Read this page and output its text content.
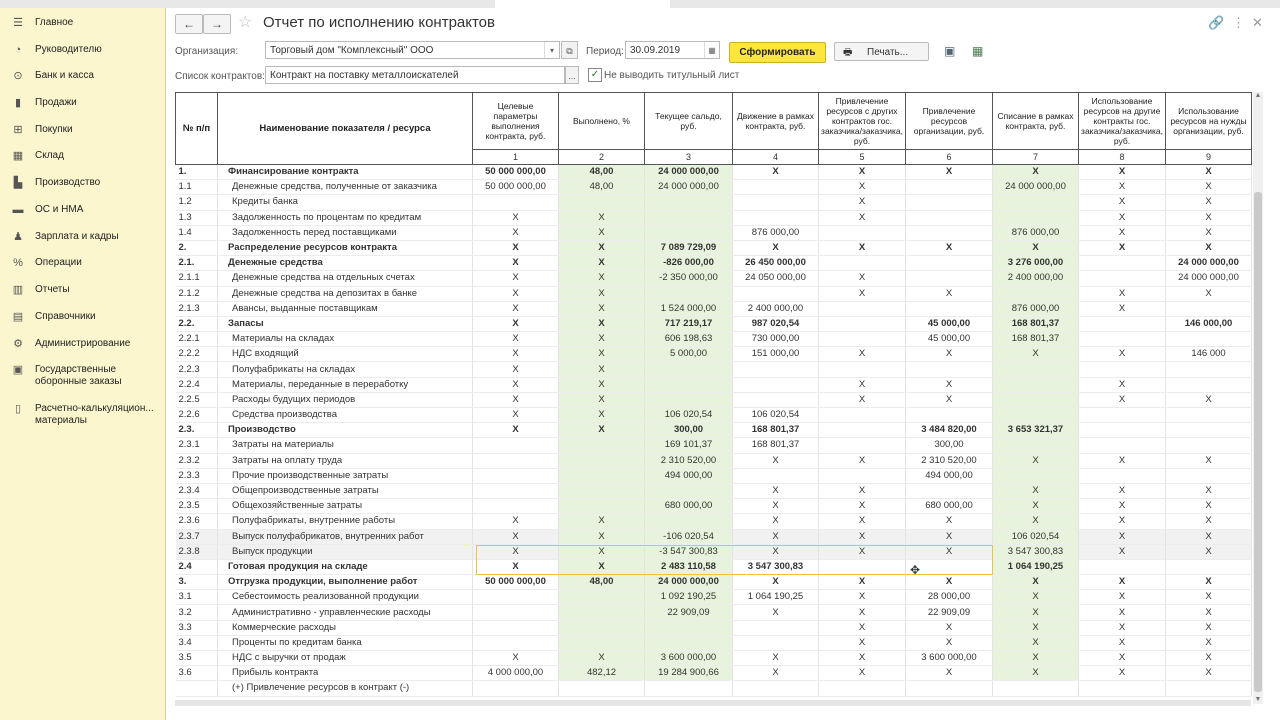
☰ Главное
◔	Руководителю
⊙ Банк и касса
▮	Продажи
⊞ Покупки
▦ Склад
▙ Производство
▬ ОС и НМА
♟ Зарплата и кадры
% Операции
▥ Отчеты
▤ Справочники
⚙ Администрирование
▣ Государственные оборонные заказы
▯	Расчетно-калькуляцион... материалы
←	→ ☆ Отчет по исполнению контрактов	🔗 ⋮ ✕
Организация:	Торговый дом "Комплексный" ООО	▾	⧉	Период: 30.09.2019	▦	Сформировать	🖶 Печать...	▣ ▦
Список контрактов: Контракт на поставку металлоискателей	...	✓ Не выводить титульный лист
№ п/п	Наименование показателя / ресурса	Целевые параметры выполнения контракта, руб.	Выполнено, %	Текущее сальдо, руб.	Движение в рамках контракта, руб.	Привлечение ресурсов с других контрактов гос. заказчика/заказчика, руб.	Привлечение ресурсов организации, руб.	Списание в рамках контракта, руб.	Использование ресурсов на другие контракты гос. заказчика/заказчика, руб.	Использование ресурсов на нужды организации, руб.
		1	2	3	4	5	6	7	8	9
1.	Финансирование контракта	50 000 000,00	48,00	24 000 000,00	X	X	X	X	X	X
1.1	Денежные средства, полученные от заказчика	50 000 000,00	48,00	24 000 000,00		X		24 000 000,00	X	X
1.2	Кредиты банка					X			X	X
1.3	Задолженность по процентам по кредитам	X	X			X			X	X
1.4	Задолженность перед поставщиками	X	X		876 000,00			876 000,00	X	X
2.	Распределение ресурсов контракта	X	X	7 089 729,09	X	X	X	X	X	X
2.1.	Денежные средства	X	X	-826 000,00	26 450 000,00			3 276 000,00		24 000 000,00
2.1.1	Денежные средства на отдельных счетах	X	X	-2 350 000,00	24 050 000,00	X		2 400 000,00		24 000 000,00
2.1.2	Денежные средства на депозитах в банке	X	X			X	X		X	X
2.1.3	Авансы, выданные поставщикам	X	X	1 524 000,00	2 400 000,00			876 000,00	X	
2.2.	Запасы	X	X	717 219,17	987 020,54		45 000,00	168 801,37		146 000,00
2.2.1	Материалы на складах	X	X	606 198,63	730 000,00		45 000,00	168 801,37		
2.2.2	НДС входящий	X	X	5 000,00	151 000,00	X	X	X	X	146 000
2.2.3	Полуфабрикаты на складах	X	X							
2.2.4	Материалы, переданные в переработку	X	X			X	X		X	
2.2.5	Расходы будущих периодов	X	X			X	X		X	X
2.2.6	Средства производства	X	X	106 020,54	106 020,54					
2.3.	Производство	X	X	300,00	168 801,37		3 484 820,00	3 653 321,37		
2.3.1	Затраты на материалы			169 101,37	168 801,37		300,00			
2.3.2	Затраты на оплату труда			2 310 520,00	X	X	2 310 520,00	X	X	X
2.3.3	Прочие производственные затраты			494 000,00			494 000,00			
2.3.4	Общепроизводственные затраты				X	X		X	X	X
2.3.5	Общехозяйственные затраты			680 000,00	X	X	680 000,00	X	X	X
2.3.6	Полуфабрикаты, внутренние работы	X	X		X	X	X	X	X	X
2.3.7	Выпуск полуфабрикатов, внутренних работ	X	X	-106 020,54	X	X	X	106 020,54	X	X
2.3.8	Выпуск продукции	X	X	-3 547 300,83	X	X	X	3 547 300,83	X	X
2.4	Готовая продукция на складе	X	X	2 483 110,58	3 547 300,83			1 064 190,25		
3.	Отгрузка продукции, выполнение работ	50 000 000,00	48,00	24 000 000,00	X	X	X	X	X	X
3.1	Себестоимость реализованной продукции			1 092 190,25	1 064 190,25	X	28 000,00	X	X	X
3.2	Административно - управленческие расходы			22 909,09	X	X	22 909,09	X	X	X
3.3	Коммерческие расходы					X	X	X	X	X
3.4	Проценты по кредитам банка					X	X	X	X	X
3.5	НДС с выручки от продаж	X	X	3 600 000,00	X	X	3 600 000,00	X	X	X
3.6	Прибыль контракта	4 000 000,00	482,12	19 284 900,66	X	X	X	X	X	X
	(+) Привлечение ресурсов в контракт (-)									
✥
▲
▼
